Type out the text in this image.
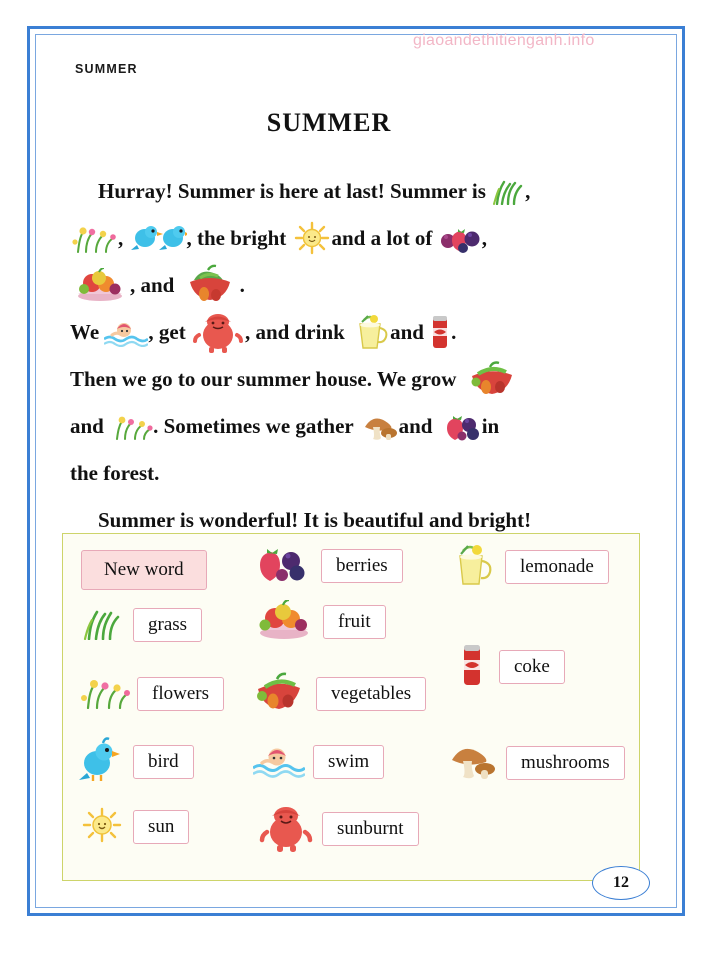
giaoandethitienganh.info
SUMMER
SUMMER
Hurray! Summer is here at last! Summer is ,
,	, the bright and a lot of ,
, and	.
We , get	, and drink and .
Then we go to our summer house. We grow
and . Sometimes we gather and in
the forest.
Summer is wonderful! It is beautiful and bright!
New word	berries	lemonade
grass	fruit
coke
flowers	vegetables
bird	swim	mushrooms
sun	sunburnt
12
